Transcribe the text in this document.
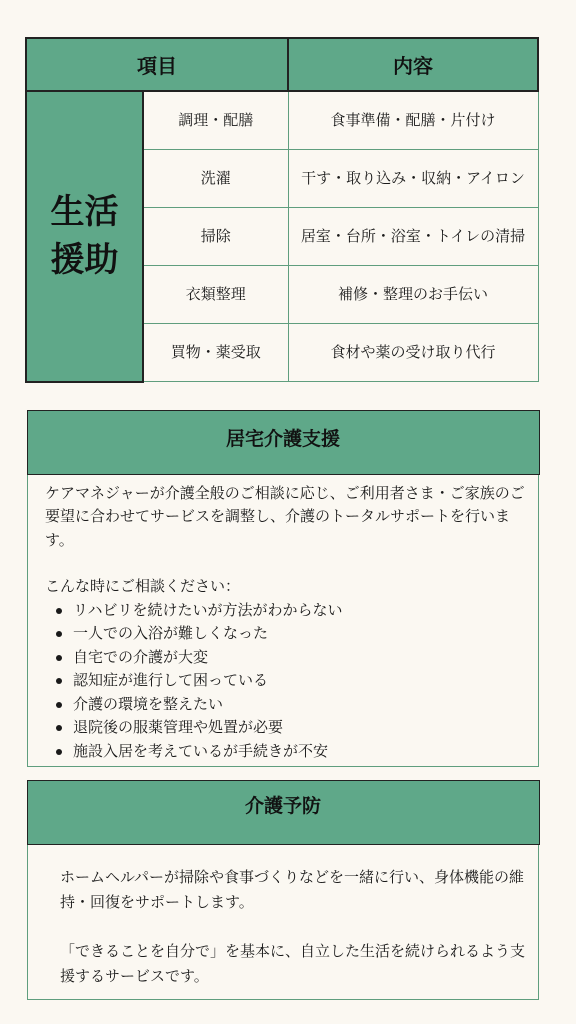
項目		内容

生活
援助	調理・配膳	食事準備・配膳・片付け
	洗濯	干す・取り込み・収納・アイロン
	掃除	居室・台所・浴室・トイレの清掃
	衣類整理	補修・整理のお手伝い
	買物・薬受取	食材や薬の受け取り代行
居宅介護支援

ケアマネジャーが介護全般のご相談に応じ、ご利用者さま・ご家族のご要望に合わせてサービスを調整し、介護のトータルサポートを行います。

こんな時にご相談ください：

リハビリを続けたいが方法がわからない
一人での入浴が難しくなった
自宅での介護が大変
認知症が進行して困っている
介護の環境を整えたい
退院後の服薬管理や処置が必要
施設入居を考えているが手続きが不安
介護予防

ホームヘルパーが掃除や食事づくりなどを一緒に行い、身体機能の維持・回復をサポートします。

「できることを自分で」を基本に、自立した生活を続けられるよう支援するサービスです。
